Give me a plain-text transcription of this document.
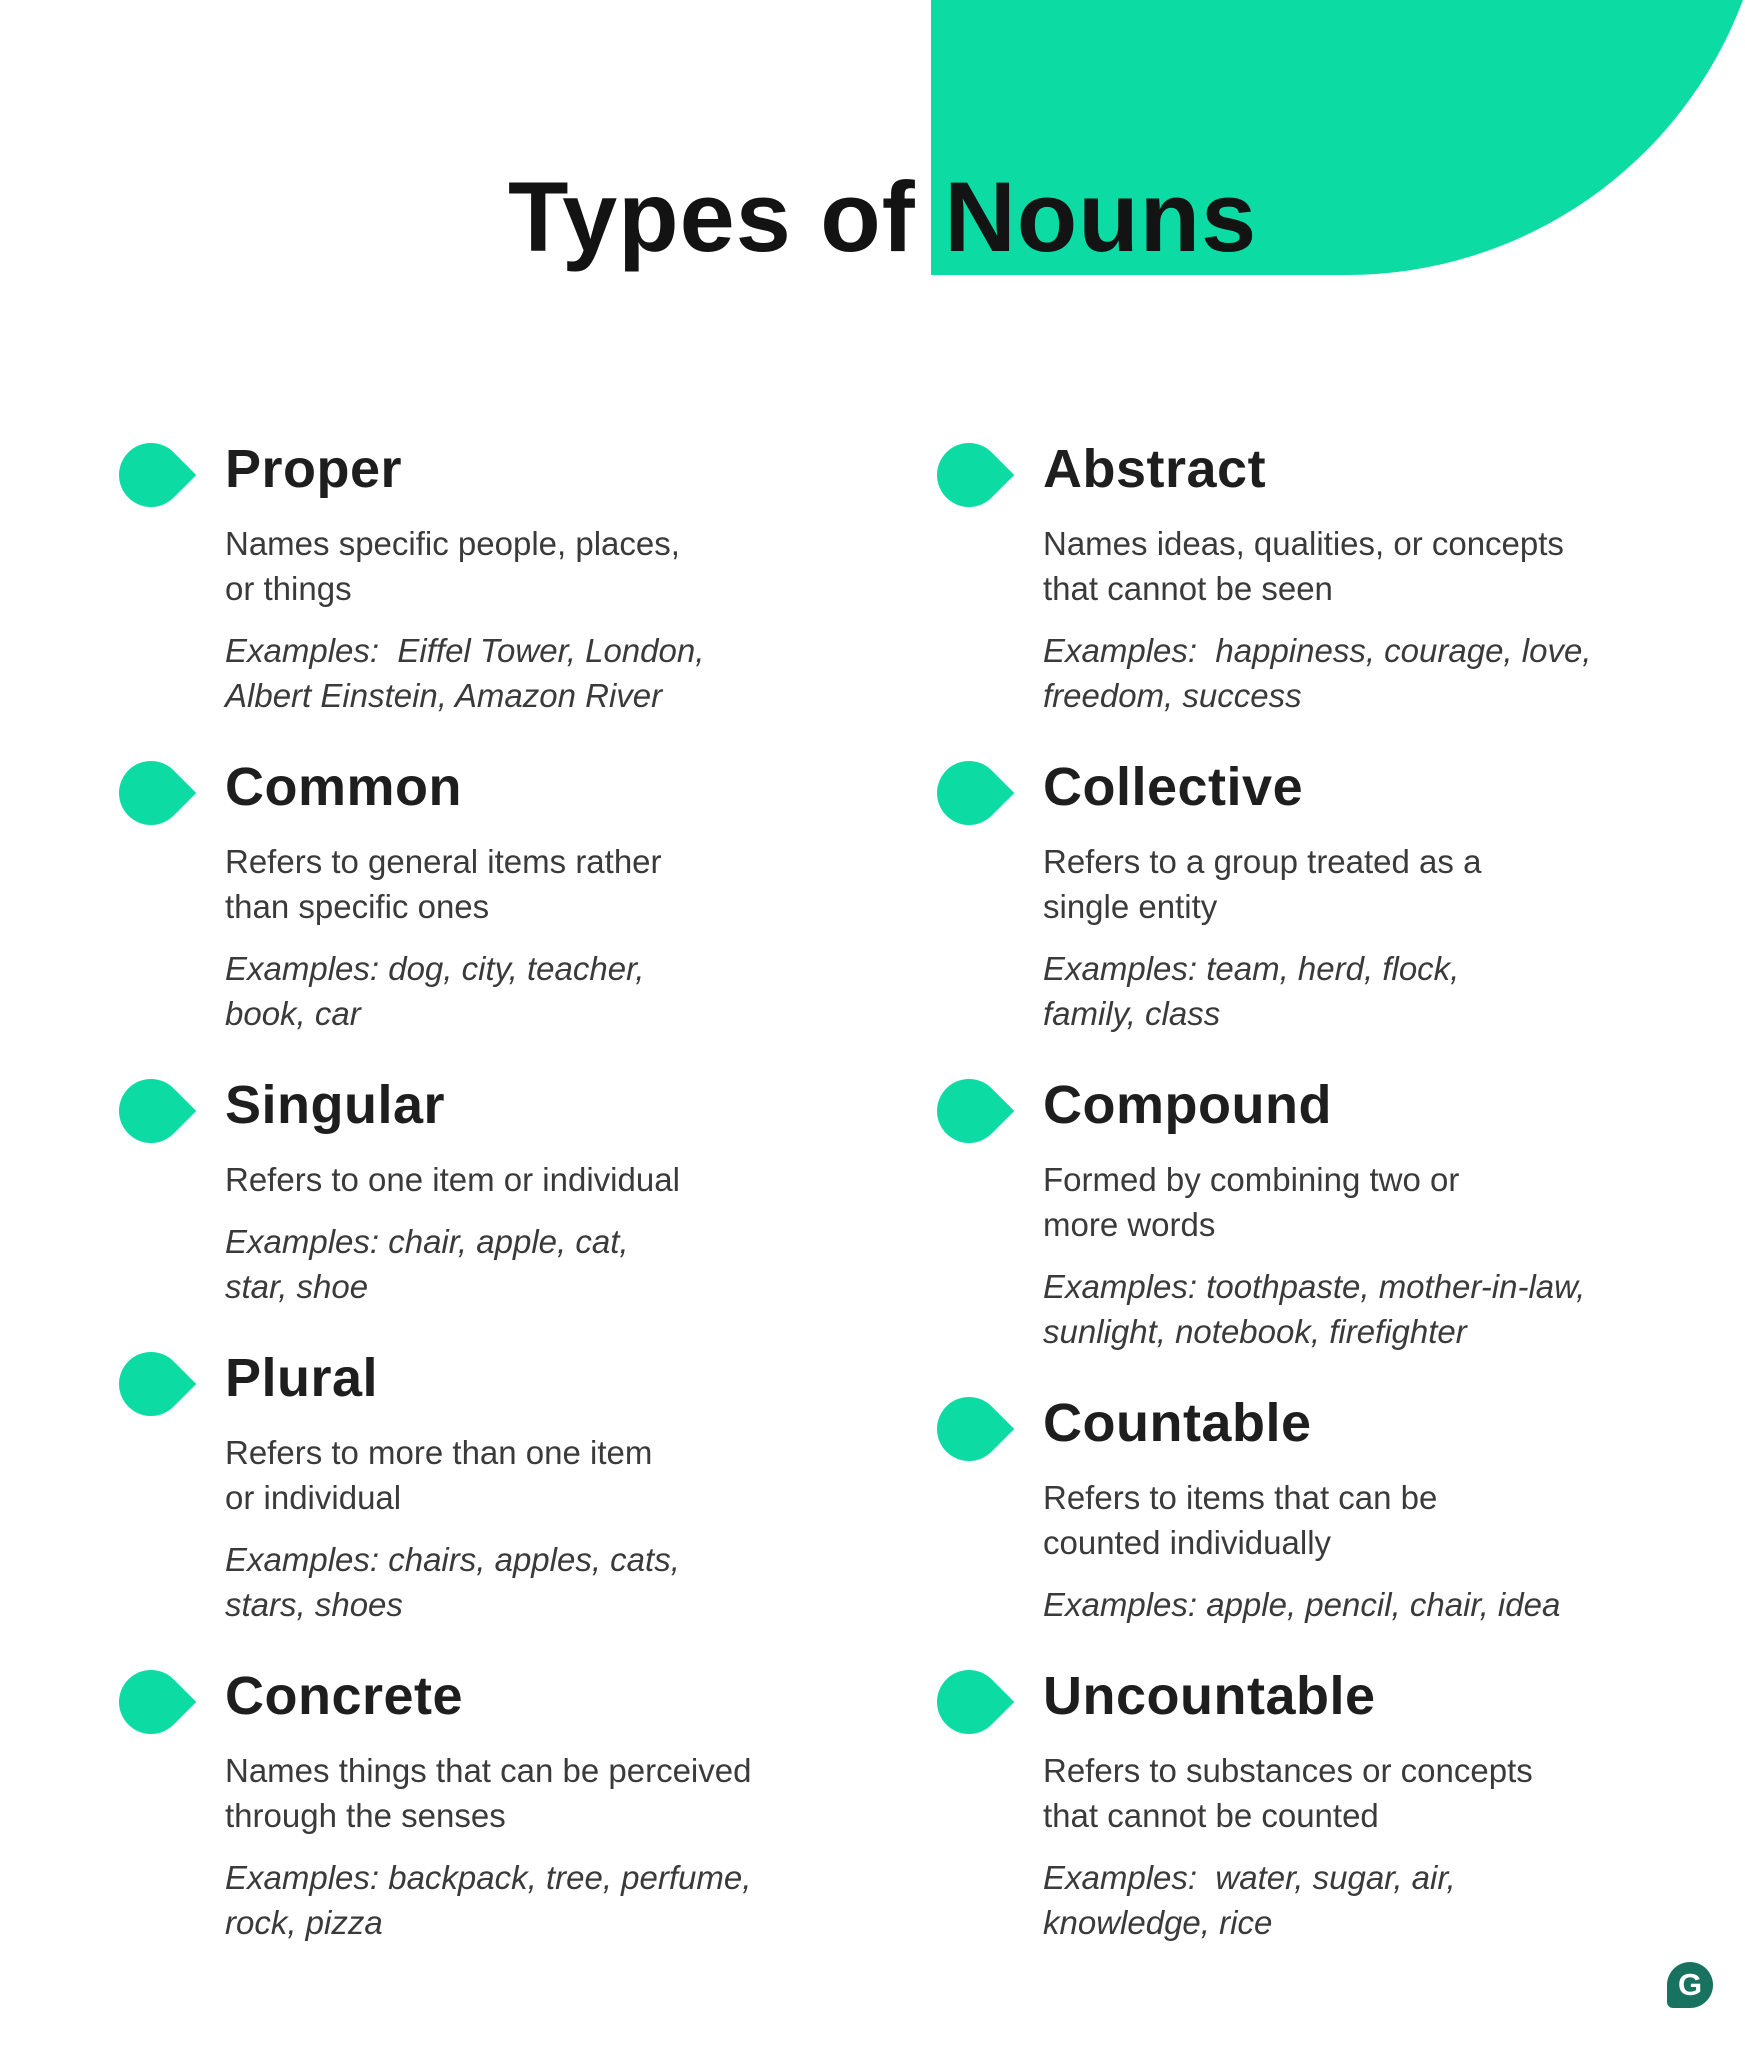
Types of Nouns
Proper

Names specific people, places,
or things

Examples:  Eiffel Tower, London,
Albert Einstein, Amazon River

Common

Refers to general items rather
than specific ones

Examples: dog, city, teacher,
book, car

Singular

Refers to one item or individual

Examples: chair, apple, cat,
star, shoe

Plural

Refers to more than one item
or individual

Examples: chairs, apples, cats,
stars, shoes

Concrete

Names things that can be perceived
through the senses

Examples: backpack, tree, perfume,
rock, pizza

Abstract

Names ideas, qualities, or concepts
that cannot be seen

Examples:  happiness, courage, love,
freedom, success

Collective

Refers to a group treated as a
single entity

Examples: team, herd, flock,
family, class

Compound

Formed by combining two or
more words

Examples: toothpaste, mother-in-law,
sunlight, notebook, firefighter

Countable

Refers to items that can be
counted individually

Examples: apple, pencil, chair, idea

Uncountable

Refers to substances or concepts
that cannot be counted

Examples:  water, sugar, air,
knowledge, rice

G
